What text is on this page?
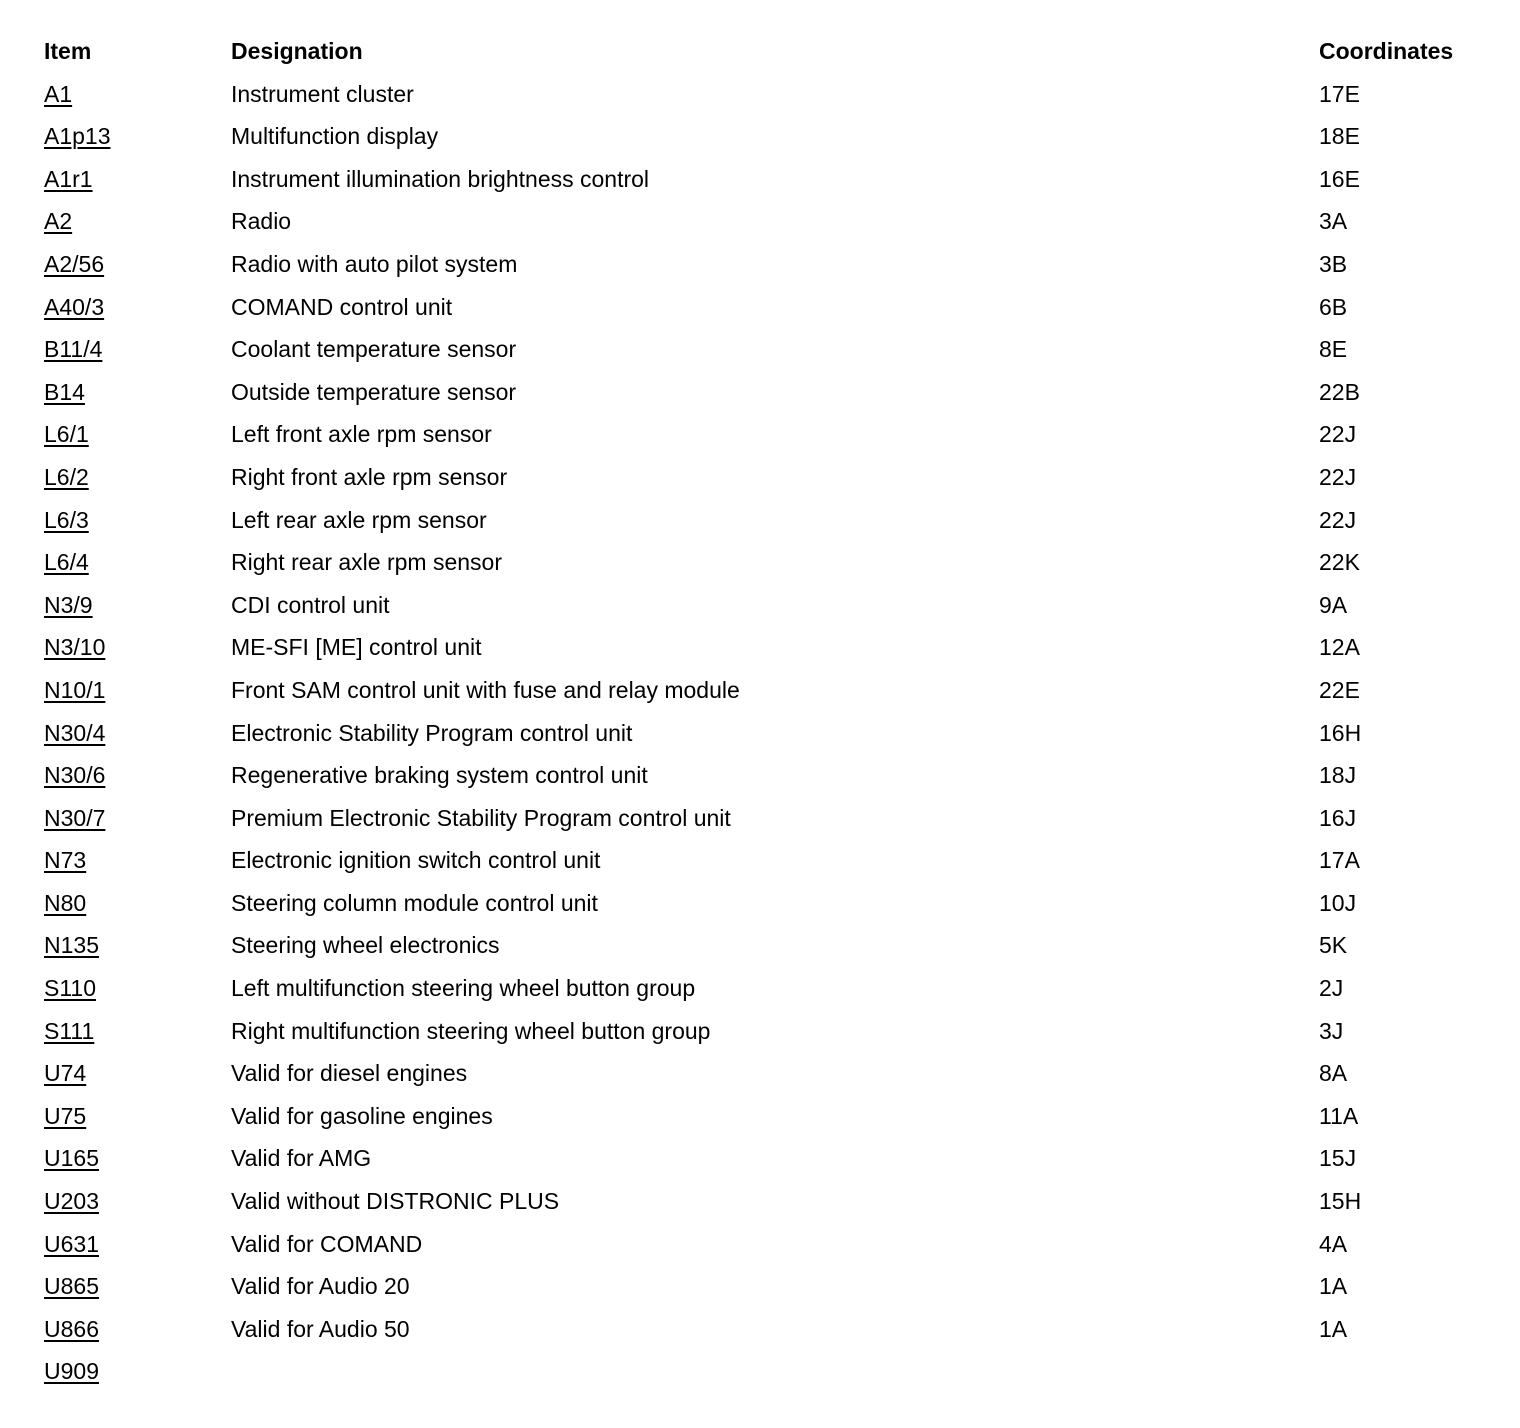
Item	Designation	Coordinates
A1	Instrument cluster	17E
A1p13	Multifunction display	18E
A1r1	Instrument illumination brightness control	16E
A2	Radio	3A
A2/56	Radio with auto pilot system	3B
A40/3	COMAND control unit	6B
B11/4	Coolant temperature sensor	8E
B14	Outside temperature sensor	22B
L6/1	Left front axle rpm sensor	22J
L6/2	Right front axle rpm sensor	22J
L6/3	Left rear axle rpm sensor	22J
L6/4	Right rear axle rpm sensor	22K
N3/9	CDI control unit	9A
N3/10	ME-SFI [ME] control unit	12A
N10/1	Front SAM control unit with fuse and relay module	22E
N30/4	Electronic Stability Program control unit	16H
N30/6	Regenerative braking system control unit	18J
N30/7	Premium Electronic Stability Program control unit	16J
N73	Electronic ignition switch control unit	17A
N80	Steering column module control unit	10J
N135	Steering wheel electronics	5K
S110	Left multifunction steering wheel button group	2J
S111	Right multifunction steering wheel button group	3J
U74	Valid for diesel engines	8A
U75	Valid for gasoline engines	11A
U165	Valid for AMG	15J
U203	Valid without DISTRONIC PLUS	15H
U631	Valid for COMAND	4A
U865	Valid for Audio 20	1A
U866	Valid for Audio 50	1A
U909
